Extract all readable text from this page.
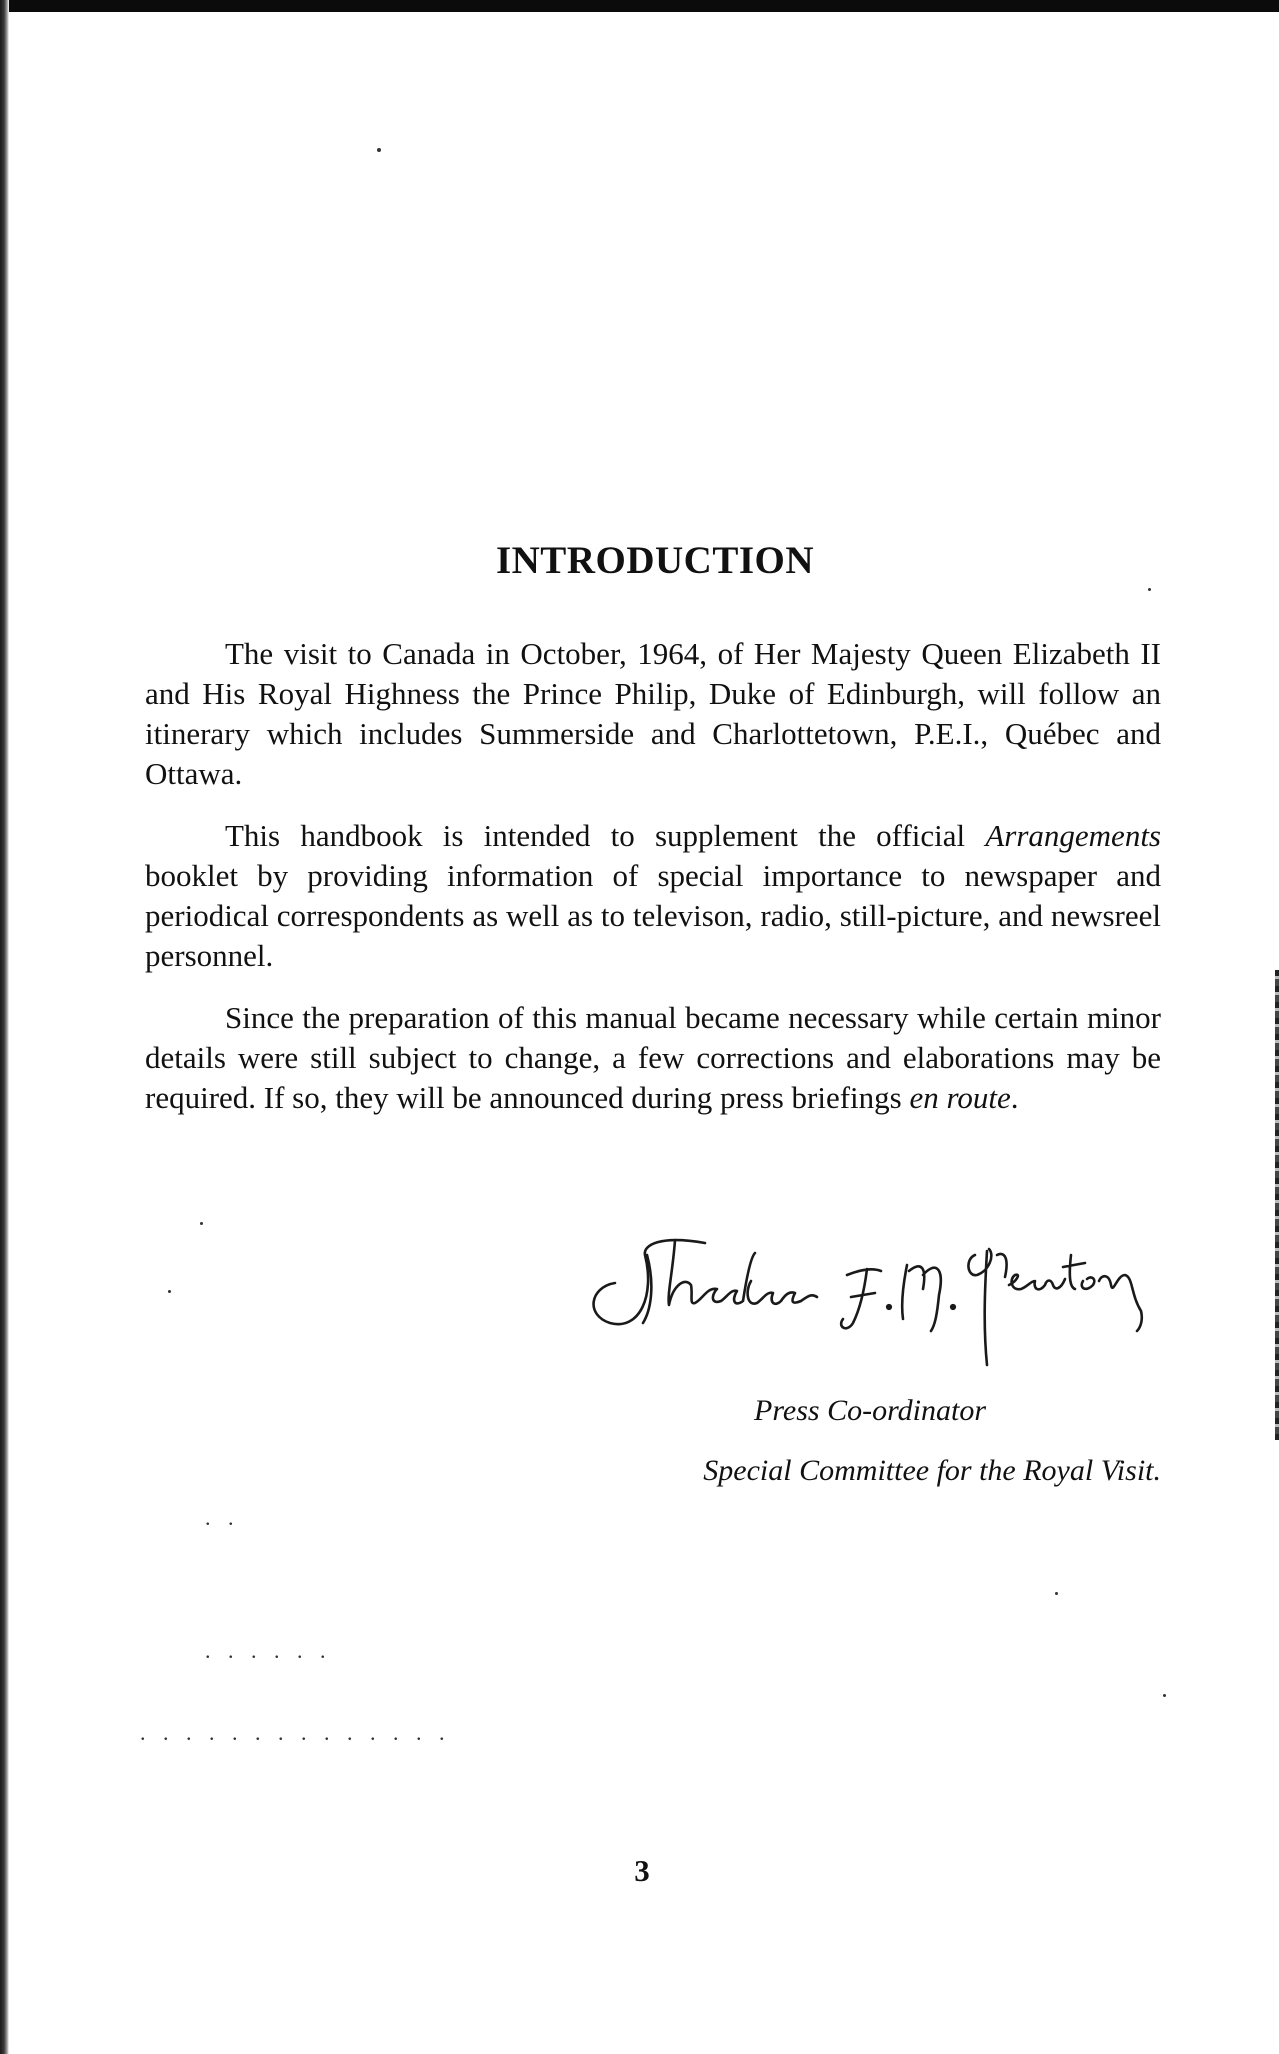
. .
. . . . . .
. . . . . . . . . . . . . .
INTRODUCTION

The visit to Canada in October, 1964, of Her Majesty Queen Elizabeth II and His Royal Highness the Prince Philip, Duke of Edinburgh, will follow an itinerary which includes Summerside and Charlottetown, P.E.I., Québec and Ottawa.

This handbook is intended to supplement the official Arrangements booklet by providing information of special importance to newspaper and periodical correspondents as well as to televison, radio, still-picture, and newsreel personnel.

Since the preparation of this manual became necessary while certain minor details were still subject to change, a few corrections and elaborations may be required. If so, they will be announced during press briefings en route.

Press Co-ordinator
Special Committee for the Royal Visit.
3
